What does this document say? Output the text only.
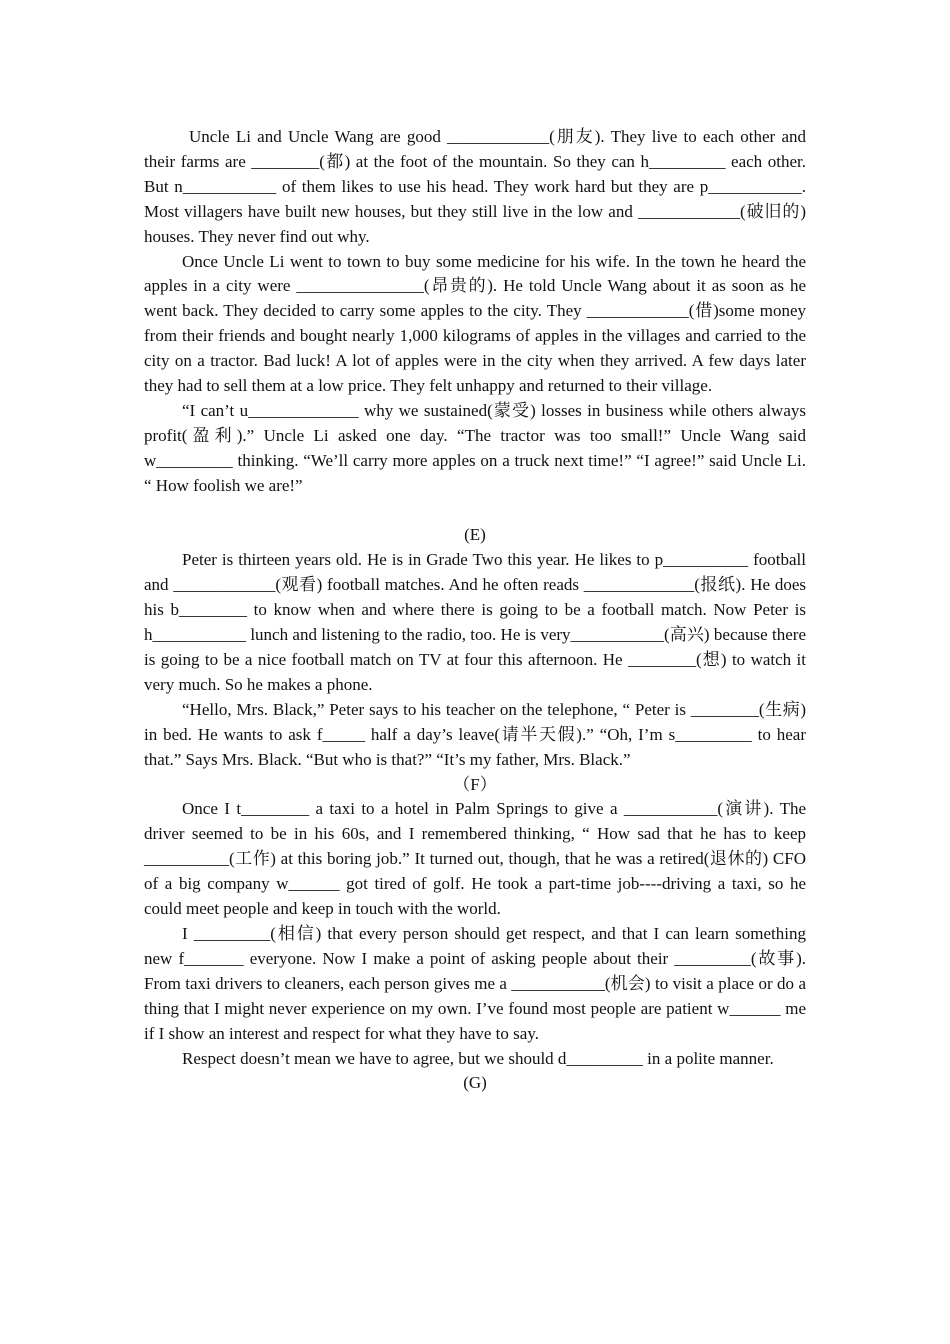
Uncle Li and Uncle Wang are good ____________(朋友). They live to each other and their farms are ________(都) at the foot of the mountain. So they can h_________ each other. But n___________ of them likes to use his head. They work hard but they are p___________. Most villagers have built new houses, but they still live in the low and ____________(破旧的) houses. They never find out why.

Once Uncle Li went to town to buy some medicine for his wife. In the town he heard the apples in a city were _______________(昂贵的). He told Uncle Wang about it as soon as he went back. They decided to carry some apples to the city. They ____________(借)some money from their friends and bought nearly 1,000 kilograms of apples in the villages and carried to the city on a tractor. Bad luck! A lot of apples were in the city when they arrived. A few days later they had to sell them at a low price. They felt unhappy and returned to their village.

“I can’t u_____________ why we sustained(蒙受) losses in business while others always profit(盈利).” Uncle Li asked one day. “The tractor was too small!” Uncle Wang said w_________ thinking. “We’ll carry more apples on a truck next time!” “I agree!” said Uncle Li. “ How foolish we are!”

(E)

Peter is thirteen years old. He is in Grade Two this year. He likes to p__________ football and ____________(观看) football matches. And he often reads _____________(报纸). He does his b________ to know when and where there is going to be a football match. Now Peter is h___________ lunch and listening to the radio, too. He is very___________(高兴) because there is going to be a nice football match on TV at four this afternoon. He ________(想) to watch it very much. So he makes a phone.

“Hello, Mrs. Black,” Peter says to his teacher on the telephone, “ Peter is ________(生病) in bed. He wants to ask f_____ half a day’s leave(请半天假).” “Oh, I’m s_________ to hear that.” Says Mrs. Black. “But who is that?” “It’s my father, Mrs. Black.”

（F）

Once I t________ a taxi to a hotel in Palm Springs to give a ___________(演讲). The driver seemed to be in his 60s, and I remembered thinking, “ How sad that he has to keep __________(工作) at this boring job.” It turned out, though, that he was a retired(退休的) CFO of a big company w______ got tired of golf. He took a part-time job----driving a taxi, so he could meet people and keep in touch with the world.

I _________(相信) that every person should get respect, and that I can learn something new f_______ everyone. Now I make a point of asking people about their _________(故事). From taxi drivers to cleaners, each person gives me a ___________(机会) to visit a place or do a thing that I might never experience on my own. I’ve found most people are patient w______ me if I show an interest and respect for what they have to say.

Respect doesn’t mean we have to agree, but we should d_________ in a polite manner.

(G)
